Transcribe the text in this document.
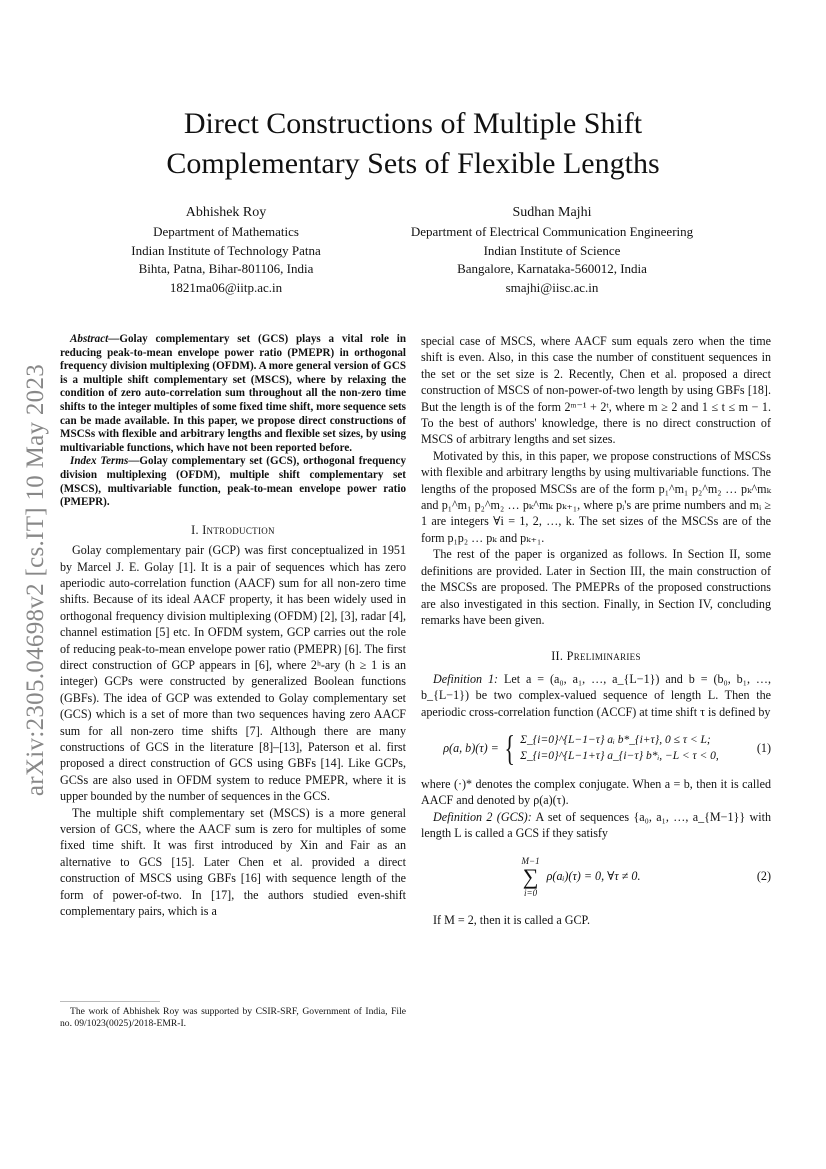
arXiv:2305.04698v2 [cs.IT] 10 May 2023
Direct Constructions of Multiple Shift
Complementary Sets of Flexible Lengths
Abhishek Roy
Department of Mathematics
Indian Institute of Technology Patna
Bihta, Patna, Bihar-801106, India
1821ma06@iitp.ac.in
Sudhan Majhi
Department of Electrical Communication Engineering
Indian Institute of Science
Bangalore, Karnataka-560012, India
smajhi@iisc.ac.in

Abstract—Golay complementary set (GCS) plays a vital role in reducing peak-to-mean envelope power ratio (PMEPR) in orthogonal frequency division multiplexing (OFDM). A more general version of GCS is a multiple shift complementary set (MSCS), where by relaxing the condition of zero auto-correlation sum throughout all the non-zero time shifts to the integer multiples of some fixed time shift, more sequence sets can be made available. In this paper, we propose direct constructions of MSCSs with flexible and arbitrary lengths and flexible set sizes, by using multivariable functions, which have not been reported before.

Index Terms—Golay complementary set (GCS), orthogonal frequency division multiplexing (OFDM), multiple shift complementary set (MSCS), multivariable function, peak-to-mean envelope power ratio (PMEPR).

I. Introduction

Golay complementary pair (GCP) was first conceptualized in 1951 by Marcel J. E. Golay [1]. It is a pair of sequences which has zero aperiodic auto-correlation function (AACF) sum for all non-zero time shifts. Because of its ideal AACF property, it has been widely used in orthogonal frequency division multiplexing (OFDM) [2], [3], radar [4], channel estimation [5] etc. In OFDM system, GCP carries out the role of reducing peak-to-mean envelope power ratio (PMEPR) [6]. The first direct construction of GCP appears in [6], where 2ʰ-ary (h ≥ 1 is an integer) GCPs were constructed by generalized Boolean functions (GBFs). The idea of GCP was extended to Golay complementary set (GCS) which is a set of more than two sequences having zero AACF sum for all non-zero time shifts [7]. Although there are many constructions of GCS in the literature [8]–[13], Paterson et al. first proposed a direct construction of GCS using GBFs [14]. Like GCPs, GCSs are also used in OFDM system to reduce PMEPR, where it is upper bounded by the number of sequences in the GCS.

The multiple shift complementary set (MSCS) is a more general version of GCS, where the AACF sum is zero for multiples of some fixed time shift. It was first introduced by Xin and Fair as an alternative to GCS [15]. Later Chen et al. provided a direct construction of MSCS using GBFs [16] with sequence length of the form of power-of-two. In [17], the authors studied even-shift complementary pairs, which is a

The work of Abhishek Roy was supported by CSIR-SRF, Government of India, File no. 09/1023(0025)/2018-EMR-I.

special case of MSCS, where AACF sum equals zero when the time shift is even. Also, in this case the number of constituent sequences in the set or the set size is 2. Recently, Chen et al. proposed a direct construction of MSCS of non-power-of-two length by using GBFs [18]. But the length is of the form 2ᵐ⁻¹ + 2ᵗ, where m ≥ 2 and 1 ≤ t ≤ m − 1. To the best of authors' knowledge, there is no direct construction of MSCS of arbitrary lengths and set sizes.

Motivated by this, in this paper, we propose constructions of MSCSs with flexible and arbitrary lengths by using multivariable functions. The lengths of the proposed MSCSs are of the form p₁^m₁ p₂^m₂ … pₖ^mₖ and p₁^m₁ p₂^m₂ … pₖ^mₖ pₖ₊₁, where pᵢ's are prime numbers and mᵢ ≥ 1 are integers ∀i = 1, 2, …, k. The set sizes of the MSCSs are of the form p₁p₂ … pₖ and pₖ₊₁.

The rest of the paper is organized as follows. In Section II, some definitions are provided. Later in Section III, the main construction of the MSCSs are proposed. The PMEPRs of the proposed constructions are also investigated in this section. Finally, in Section IV, concluding remarks have been given.

II. Preliminaries

Definition 1: Let a = (a₀, a₁, …, a_{L−1}) and b = (b₀, b₁, …, b_{L−1}) be two complex-valued sequence of length L. Then the aperiodic cross-correlation function (ACCF) at time shift τ is defined by

ρ(a, b)(τ) = { Σ_{i=0}^{L−1−τ} aᵢ b*_{i+τ}, 0 ≤ τ < L;
Σ_{i=0}^{L−1+τ} a_{i−τ} b*ᵢ, −L < τ < 0,
(1)

where (·)* denotes the complex conjugate. When a = b, then it is called AACF and denoted by ρ(a)(τ).

Definition 2 (GCS): A set of sequences {a₀, a₁, …, a_{M−1}} with length L is called a GCS if they satisfy

M−1
∑
i=0
ρ(aᵢ)(τ) = 0, ∀τ ≠ 0.	(2)

If M = 2, then it is called a GCP.
